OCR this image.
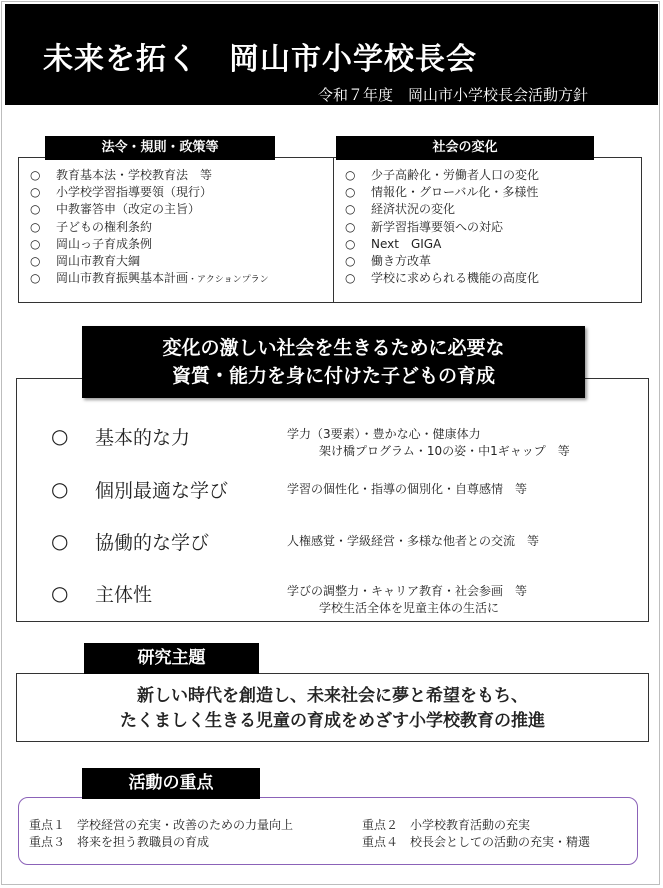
未来を拓く　岡山市小学校長会
令和７年度　岡山市小学校長会活動方針
法令・規則・政策等
○ 教育基本法・学校教育法　等
○ 小学校学習指導要領（現行）
○ 中教審答申（改定の主旨）
○ 子どもの権利条約
○ 岡山っ子育成条例
○ 岡山市教育大綱
○ 岡山市教育振興基本計画・アクションプラン
社会の変化
○ 少子高齢化・労働者人口の変化
○ 情報化・グローバル化・多様性
○ 経済状況の変化
○ 新学習指導要領への対応
○ Next　GIGA
○ 働き方改革
○ 学校に求められる機能の高度化
○ 基本的な力	学力（3要素）・豊かな心・健康体力
架け橋プログラム・10の姿・中1ギャップ　等
○ 個別最適な学び	学習の個性化・指導の個別化・自尊感情　等
○ 協働的な学び	人権感覚・学級経営・多様な他者との交流　等
○ 主体性	学びの調整力・キャリア教育・社会参画　等
学校生活全体を児童主体の生活に
変化の激しい社会を生きるために必要な
資質・能力を身に付けた子どもの育成
新しい時代を創造し、未来社会に夢と希望をもち、
たくましく生きる児童の育成をめざす小学校教育の推進
研究主題
重点１　学校経営の充実・改善のための力量向上	重点２　小学校教育活動の充実
重点３　将来を担う教職員の育成	重点４　校長会としての活動の充実・精選
活動の重点
